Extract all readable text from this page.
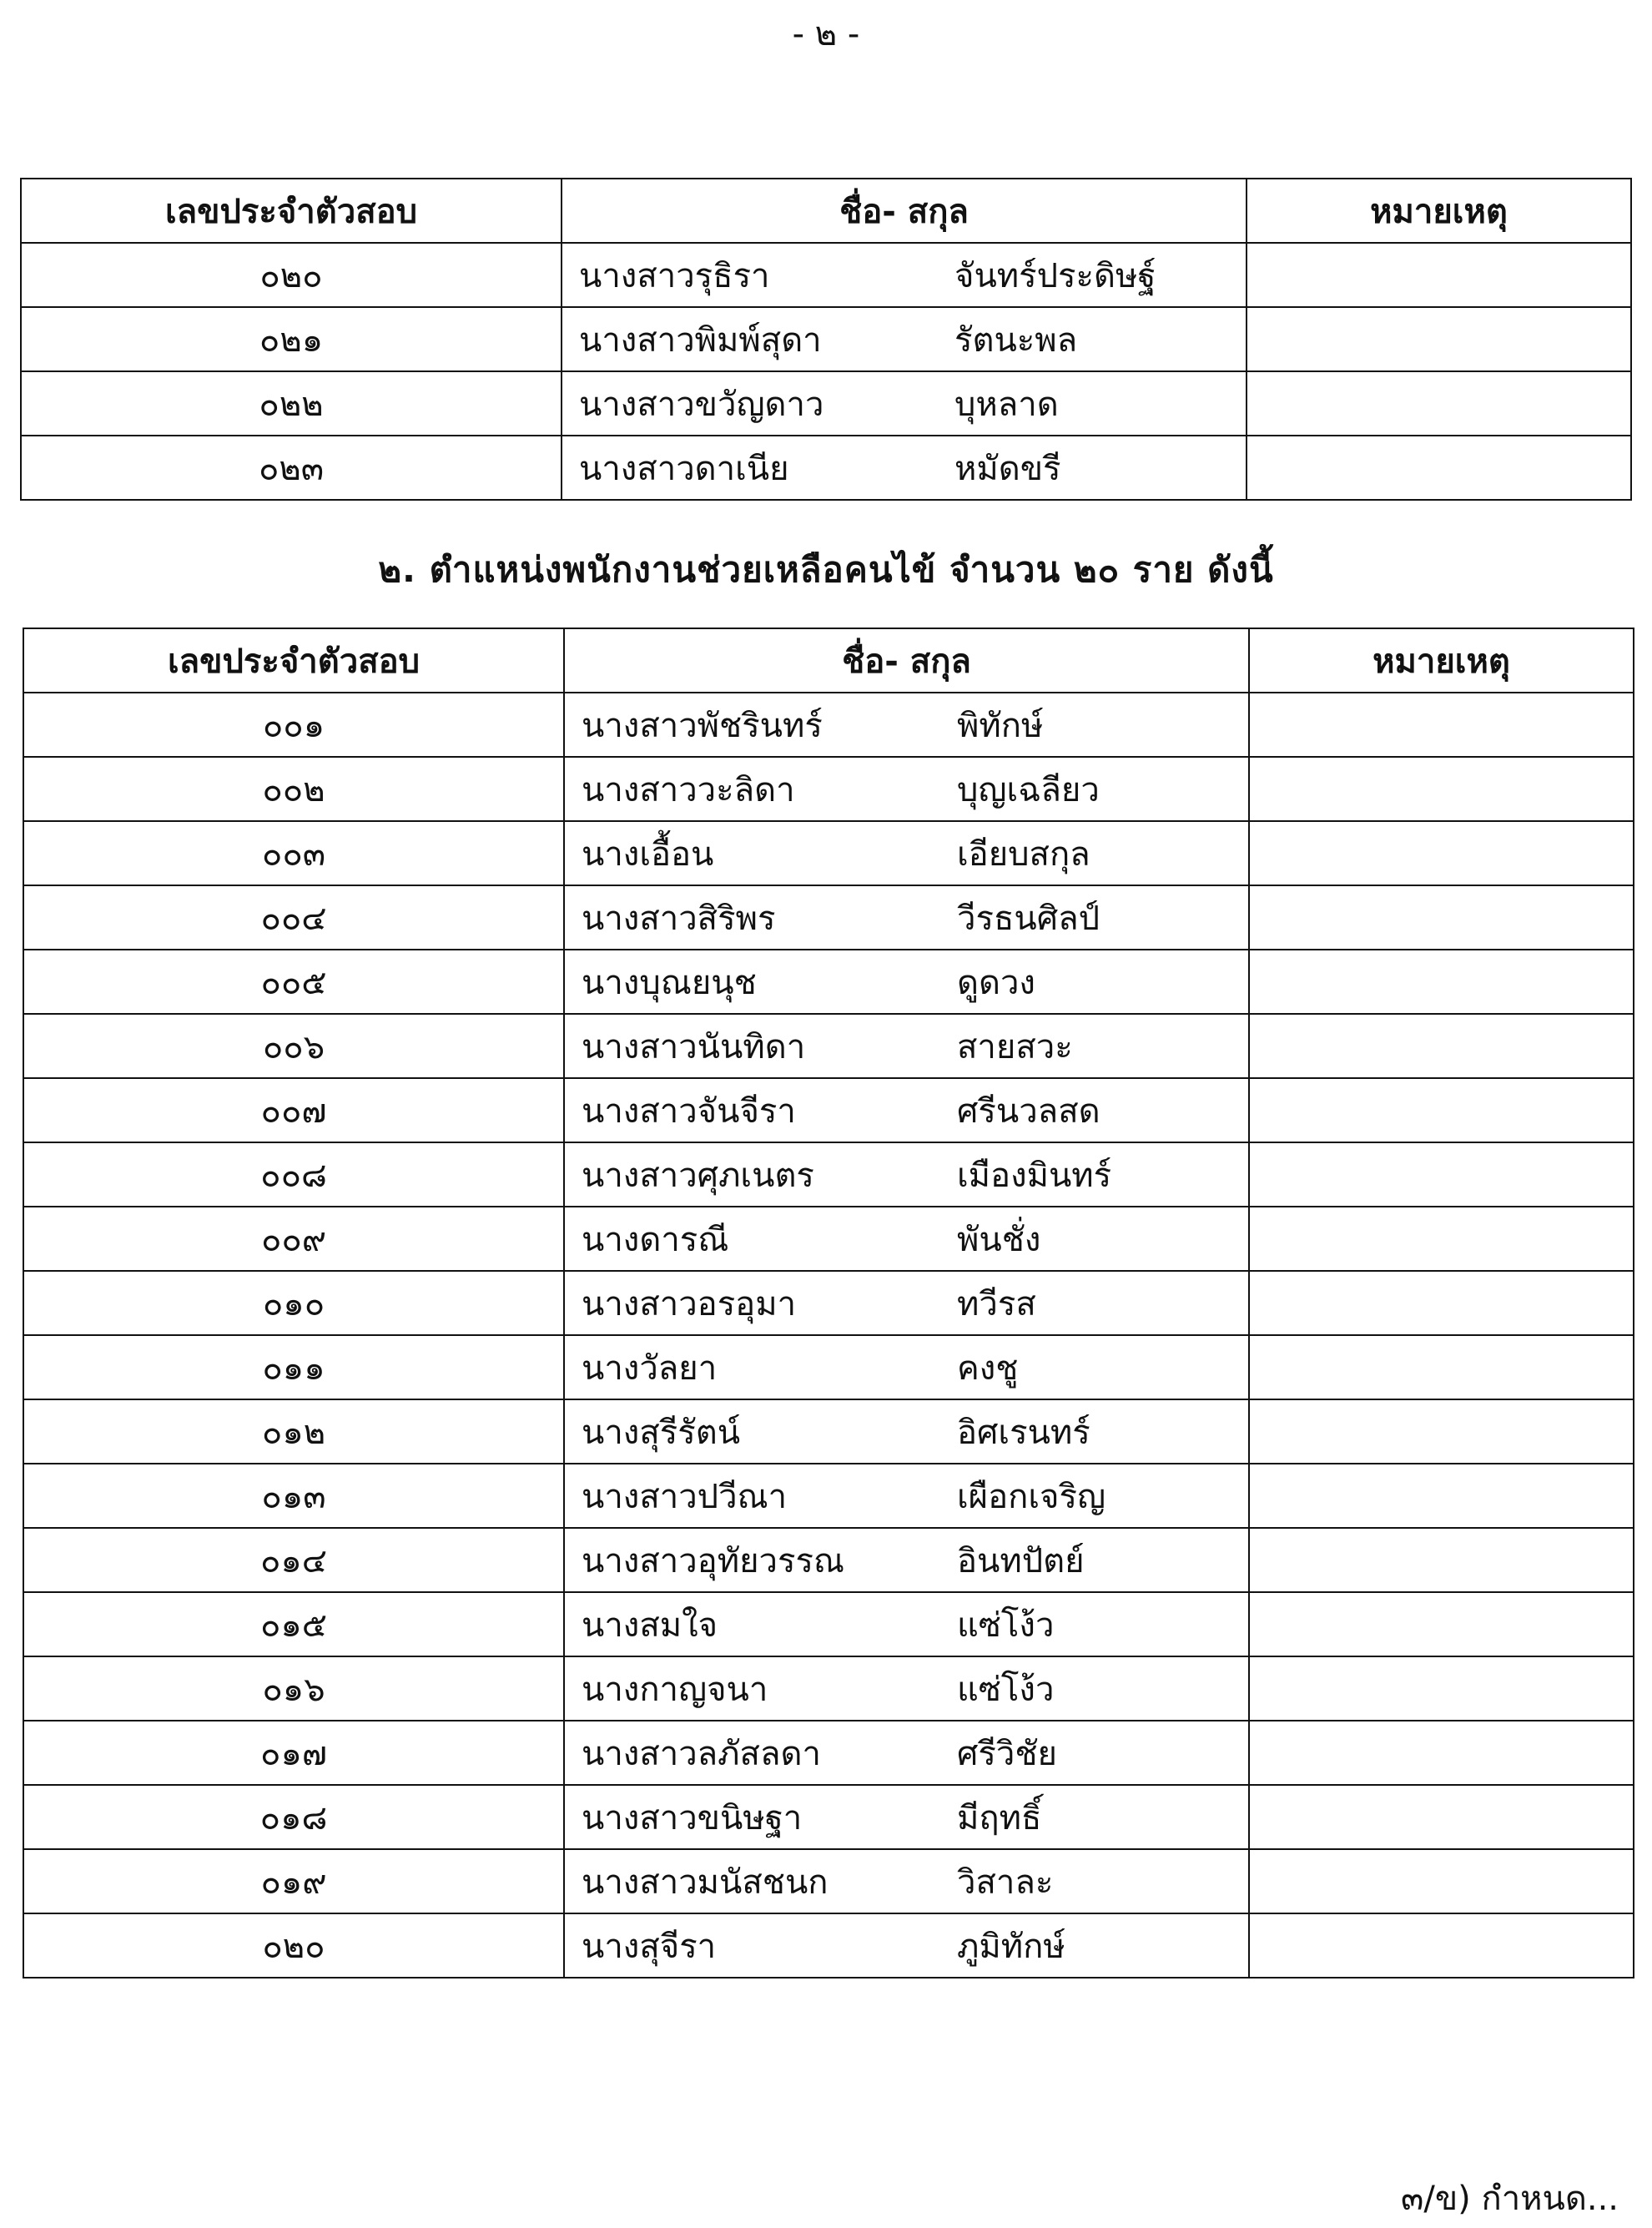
- ๒ -
เลขประจำตัวสอบ	ชื่อ- สกุล	หมายเหตุ
๐๒๐	นางสาวรุธิรา จันทร์ประดิษฐ์	

๐๒๑	นางสาวพิมพ์สุดา รัตนะพล	

๐๒๒	นางสาวขวัญดาว บุหลาด	

๐๒๓	นางสาวดาเนีย หมัดขรี	

๒. ตำแหน่งพนักงานช่วยเหลือคนไข้ จำนวน ๒๐ ราย ดังนี้
เลขประจำตัวสอบ	ชื่อ- สกุล	หมายเหตุ
๐๐๑	นางสาวพัชรินทร์ พิทักษ์	

๐๐๒	นางสาววะลิดา บุญเฉลียว	

๐๐๓	นางเอื้อน เอียบสกุล	

๐๐๔	นางสาวสิริพร วีรธนศิลป์	

๐๐๕	นางบุณยนุช ดูดวง	

๐๐๖	นางสาวนันทิดา สายสวะ	

๐๐๗	นางสาวจันจีรา ศรีนวลสด	

๐๐๘	นางสาวศุภเนตร เมืองมินทร์	

๐๐๙	นางดารณี พันชั่ง	

๐๑๐	นางสาวอรอุมา ทวีรส	

๐๑๑	นางวัลยา คงชู	

๐๑๒	นางสุรีรัตน์ อิศเรนทร์	

๐๑๓	นางสาวปวีณา เผือกเจริญ	

๐๑๔	นางสาวอุทัยวรรณ อินทปัตย์	

๐๑๕	นางสมใจ แซ่โง้ว	

๐๑๖	นางกาญจนา แซ่โง้ว	

๐๑๗	นางสาวลภัสลดา ศรีวิชัย	

๐๑๘	นางสาวขนิษฐา มีฤทธิ์	

๐๑๙	นางสาวมนัสชนก วิสาละ	

๐๒๐	นางสุจีรา ภูมิทักษ์	

๓/ข) กำหนด...
